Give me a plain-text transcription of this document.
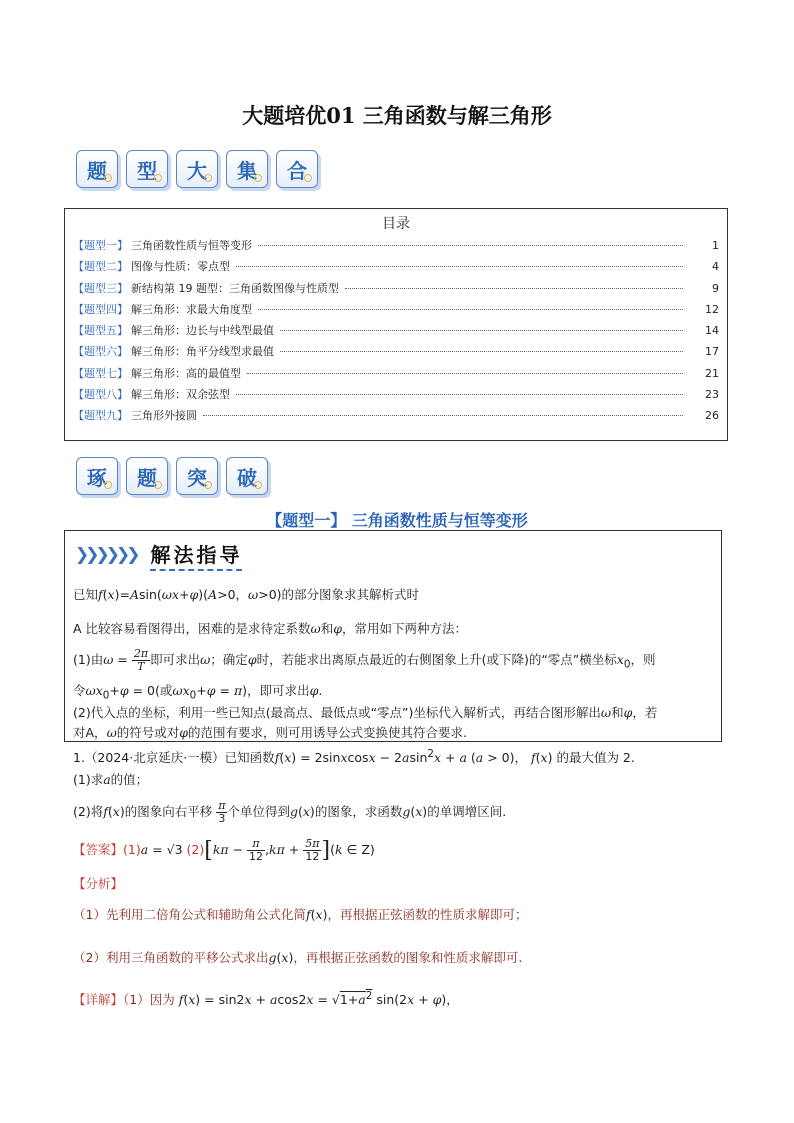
大题培优01 三角函数与解三角形
题	型	大	集	合
目录
【题型一】 三角函数性质与恒等变形	1
【题型二】 图像与性质：零点型	4
【题型三】 新结构第 19 题型：三角函数图像与性质型	9
【题型四】 解三角形：求最大角度型	12
【题型五】 解三角形：边长与中线型最值	14
【题型六】 解三角形：角平分线型求最值	17
【题型七】 解三角形：高的最值型	21
【题型八】 解三角形：双余弦型	23
【题型九】 三角形外接圆	26
琢	题	突	破
【题型一】 三角函数性质与恒等变形
❯❯❯❯❯❯ 解法指导
已知f(x)=Asin(ωx+φ)(A>0，ω>0)的部分图象求其解析式时
A 比较容易看图得出，困难的是求待定系数ω和φ，常用如下两种方法：
(1)由$\omega = \frac{2\pi}{T}$ 即可求出ω；确定φ时，若能求出离原点最近的右侧图象上升(或下降)的“零点”横坐标$x_0$，则
令$\omega x_0+\varphi = 0$(或$\omega x_0+\varphi = \pi$)，即可求出φ.
(2)代入点的坐标，利用一些已知点(最高点、最低点或“零点”)坐标代入解析式，再结合图形解出ω和φ，若
对A，ω的符号或对φ的范围有要求，则可用诱导公式变换使其符合要求.
1.（2024·北京延庆·一模）已知函数f(x) = 2sinxcosx − 2asin$^2$x + a (a > 0)， f(x) 的最大值为 2.
(1)求a的值；
(2)将f(x)的图象向右平移 $\frac{\pi}{3}$ 个单位得到g(x)的图象，求函数g(x)的单调增区间.
【答案】(1)a = √3 $(2)[k\pi - \frac{\pi}{12} ,k\pi + \frac{5\pi}{12} ](k$ ∈ Z)
【分析】
（1）先利用二倍角公式和辅助角公式化简f(x)，再根据正弦函数的性质求解即可；
（2）利用三角函数的平移公式求出g(x)，再根据正弦函数的图象和性质求解即可.
【详解】（1）因为 $f(x) = \sin 2x + acos2x = √1+a^2$ sin(2x + φ)，
